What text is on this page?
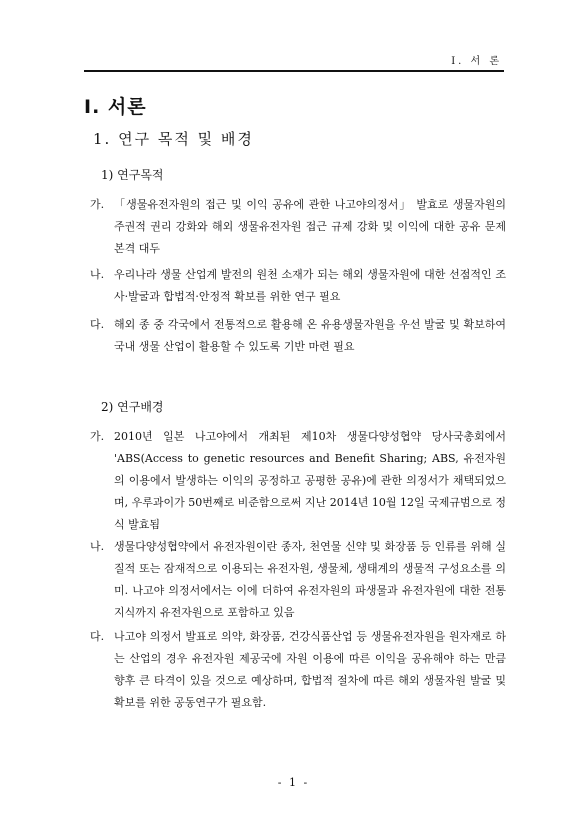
I. 서 론
Ⅰ. 서론
1. 연구 목적 및 배경
1) 연구목적
가. 「생물유전자원의 접근 및 이익 공유에 관한 나고야의정서」 발효로 생물자원의 주권적 권리 강화와 해외 생물유전자원 접근 규제 강화 및 이익에 대한 공유 문제 본격 대두
나. 우리나라 생물 산업계 발전의 원천 소재가 되는 해외 생물자원에 대한 선점적인 조사·발굴과 합법적·안정적 확보를 위한 연구 필요
다. 해외 종 중 각국에서 전통적으로 활용해 온 유용생물자원을 우선 발굴 및 확보하여 국내 생물 산업이 활용할 수 있도록 기반 마련 필요
2) 연구배경
가. 2010년 일본 나고야에서 개최된 제10차 생물다양성협약 당사국총회에서 'ABS(Access to genetic resources and Benefit Sharing; ABS, 유전자원의 이용에서 발생하는 이익의 공정하고 공평한 공유)에 관한 의정서가 채택되었으며, 우루과이가 50번째로 비준함으로써 지난 2014년 10월 12일 국제규범으로 정식 발효됨
나. 생물다양성협약에서 유전자원이란 종자, 천연물 신약 및 화장품 등 인류를 위해 실질적 또는 잠재적으로 이용되는 유전자원, 생물체, 생태계의 생물적 구성요소를 의미. 나고야 의정서에서는 이에 더하여 유전자원의 파생물과 유전자원에 대한 전통지식까지 유전자원으로 포함하고 있음
다. 나고야 의정서 발표로 의약, 화장품, 건강식품산업 등 생물유전자원을 원자재로 하는 산업의 경우 유전자원 제공국에 자원 이용에 따른 이익을 공유해야 하는 만큼 향후 큰 타격이 있을 것으로 예상하며, 합법적 절차에 따른 해외 생물자원 발굴 및 확보를 위한 공동연구가 필요함.
- 1 -
